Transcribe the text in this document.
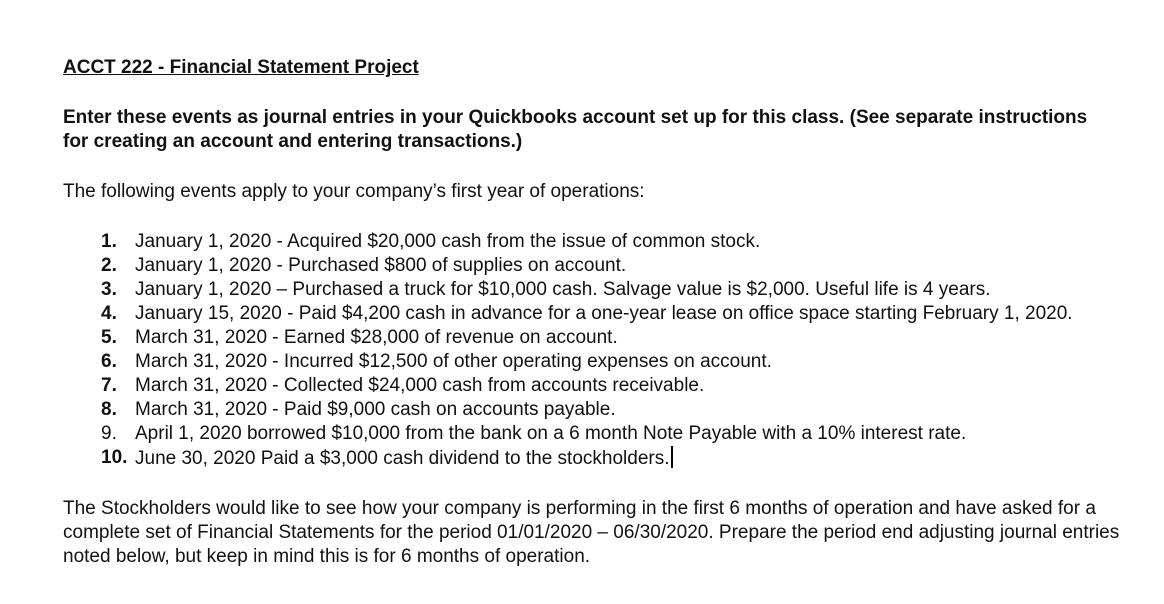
ACCT 222 - Financial Statement Project
Enter these events as journal entries in your Quickbooks account set up for this class. (See separate instructions for creating an account and entering transactions.)
The following events apply to your company’s first year of operations:
1. January 1, 2020 - Acquired $20,000 cash from the issue of common stock.
2. January 1, 2020 - Purchased $800 of supplies on account.
3. January 1, 2020 – Purchased a truck for $10,000 cash. Salvage value is $2,000. Useful life is 4 years.
4. January 15, 2020 - Paid $4,200 cash in advance for a one-year lease on office space starting February 1, 2020.
5. March 31, 2020 - Earned $28,000 of revenue on account.
6. March 31, 2020 - Incurred $12,500 of other operating expenses on account.
7. March 31, 2020 - Collected $24,000 cash from accounts receivable.
8. March 31, 2020 - Paid $9,000 cash on accounts payable.
9. April 1, 2020 borrowed $10,000 from the bank on a 6 month Note Payable with a 10% interest rate.
10. June 30, 2020 Paid a $3,000 cash dividend to the stockholders.
The Stockholders would like to see how your company is performing in the first 6 months of operation and have asked for a complete set of Financial Statements for the period 01/01/2020 – 06/30/2020. Prepare the period end adjusting journal entries noted below, but keep in mind this is for 6 months of operation.
